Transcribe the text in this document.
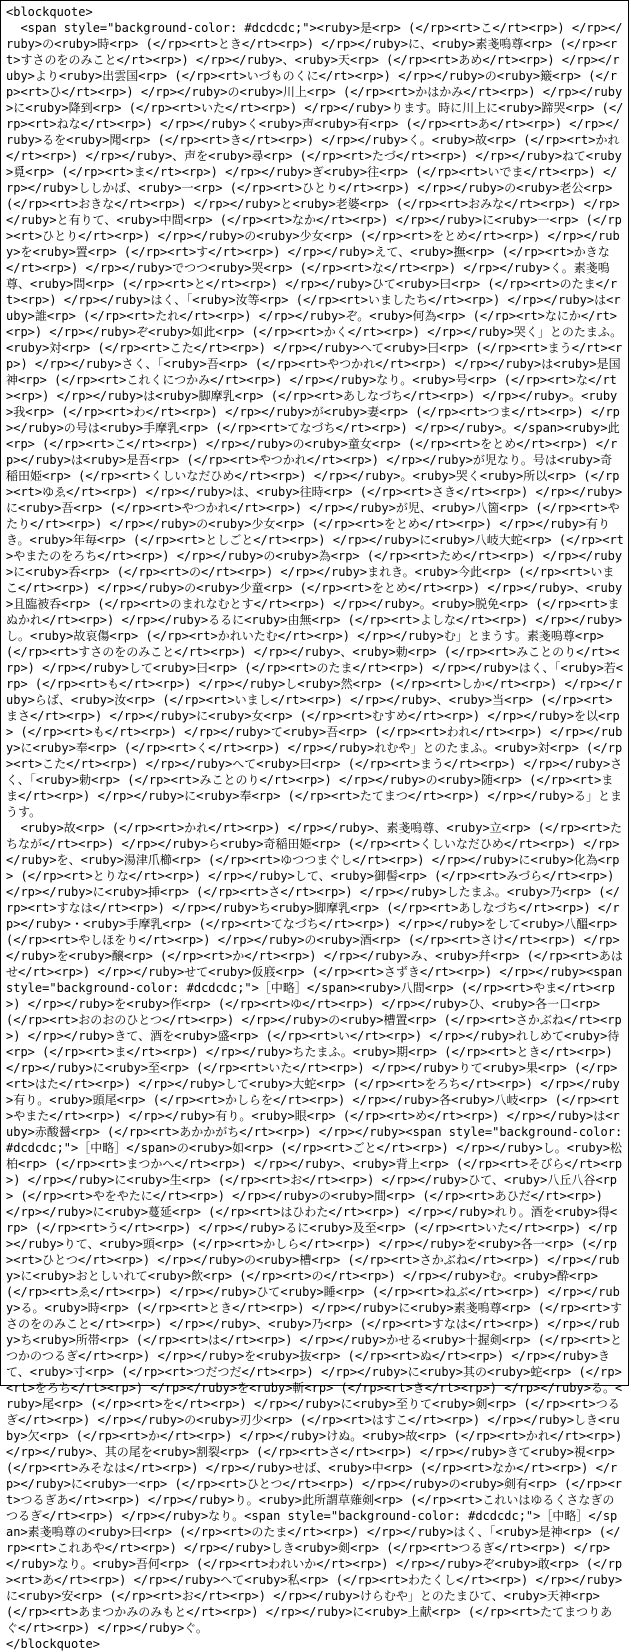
<blockquote>
<span style="background-color: #dcdcdc;"><ruby>是<rp> (</rp><rt>こ</rt><rp>) </rp></ruby>の<ruby>時<rp> (</rp><rt>とき</rt><rp>) </rp></ruby>に、<ruby>素戔嗚尊<rp> (</rp><rt>すさのをのみこと</rt><rp>) </rp></ruby>、<ruby>天<rp> (</rp><rt>あめ</rt><rp>) </rp></ruby>より<ruby>出雲国<rp> (</rp><rt>いづものくに</rt><rp>) </rp></ruby>の<ruby>簸<rp> (</rp><rt>ひ</rt><rp>) </rp></ruby>の<ruby>川上<rp> (</rp><rt>かはかみ</rt><rp>) </rp></ruby>に<ruby>降到<rp> (</rp><rt>いた</rt><rp>) </rp></ruby>ります。時に川上に<ruby>蹄哭<rp> (</rp><rt>ねな</rt><rp>) </rp></ruby>く<ruby>声<ruby>有<rp> (</rp><rt>あ</rt><rp>) </rp></ruby>るを<ruby>聞<rp> (</rp><rt>き</rt><rp>) </rp></ruby>く。<ruby>故<rp> (</rp><rt>かれ</rt><rp>) </rp></ruby>、声を<ruby>尋<rp> (</rp><rt>たづ</rt><rp>) </rp></ruby>ねて<ruby>覓<rp> (</rp><rt>ま</rt><rp>) </rp></ruby>ぎ<ruby>往<rp> (</rp><rt>いでま</rt><rp>) </rp></ruby>ししかば、<ruby>一<rp> (</rp><rt>ひとり</rt><rp>) </rp></ruby>の<ruby>老公<rp> (</rp><rt>おきな</rt><rp>) </rp></ruby>と<ruby>老婆<rp> (</rp><rt>おみな</rt><rp>) </rp></ruby>と有りて、<ruby>中間<rp> (</rp><rt>なか</rt><rp>) </rp></ruby>に<ruby>一<rp> (</rp><rt>ひとり</rt><rp>) </rp></ruby>の<ruby>少女<rp> (</rp><rt>をとめ</rt><rp>) </rp></ruby>を<ruby>置<rp> (</rp><rt>す</rt><rp>) </rp></ruby>えて、<ruby>撫<rp> (</rp><rt>かきな</rt><rp>) </rp></ruby>でつつ<ruby>哭<rp> (</rp><rt>な</rt><rp>) </rp></ruby>く。素戔嗚尊、<ruby>問<rp> (</rp><rt>と</rt><rp>) </rp></ruby>ひて<ruby>曰<rp> (</rp><rt>のたま</rt><rp>) </rp></ruby>はく、「<ruby>汝等<rp> (</rp><rt>いましたち</rt><rp>) </rp></ruby>は<ruby>誰<rp> (</rp><rt>たれ</rt><rp>) </rp></ruby>ぞ。<ruby>何為<rp> (</rp><rt>なにか</rt><rp>) </rp></ruby>ぞ<ruby>如此<rp> (</rp><rt>かく</rt><rp>) </rp></ruby>哭く」とのたまふ。<ruby>対<rp> (</rp><rt>こた</rt><rp>) </rp></ruby>へて<ruby>曰<rp> (</rp><rt>まう</rt><rp>) </rp></ruby>さく、「<ruby>吾<rp> (</rp><rt>やつかれ</rt><rp>) </rp></ruby>は<ruby>是国神<rp> (</rp><rt>これくにつかみ</rt><rp>) </rp></ruby>なり。<ruby>号<rp> (</rp><rt>な</rt><rp>) </rp></ruby>は<ruby>脚摩乳<rp> (</rp><rt>あしなづち</rt><rp>) </rp></ruby>。<ruby>我<rp> (</rp><rt>わ</rt><rp>) </rp></ruby>が<ruby>妻<rp> (</rp><rt>つま</rt><rp>) </rp></ruby>の号は<ruby>手摩乳<rp> (</rp><rt>てなづち</rt><rp>) </rp></ruby>。</span><ruby>此<rp> (</rp><rt>こ</rt><rp>) </rp></ruby>の<ruby>童女<rp> (</rp><rt>をとめ</rt><rp>) </rp></ruby>は<ruby>是吾<rp> (</rp><rt>やつかれ</rt><rp>) </rp></ruby>が児なり。号は<ruby>奇稲田姫<rp> (</rp><rt>くしいなだひめ</rt><rp>) </rp></ruby>。<ruby>哭く<ruby>所以<rp> (</rp><rt>ゆゑ</rt><rp>) </rp></ruby>は、<ruby>往時<rp> (</rp><rt>さき</rt><rp>) </rp></ruby>に<ruby>吾<rp> (</rp><rt>やつかれ</rt><rp>) </rp></ruby>が児、<ruby>八箇<rp> (</rp><rt>やたり</rt><rp>) </rp></ruby>の<ruby>少女<rp> (</rp><rt>をとめ</rt><rp>) </rp></ruby>有りき。<ruby>年毎<rp> (</rp><rt>としごと</rt><rp>) </rp></ruby>に<ruby>八岐大蛇<rp> (</rp><rt>やまたのをろち</rt><rp>) </rp></ruby>の<ruby>為<rp> (</rp><rt>ため</rt><rp>) </rp></ruby>に<ruby>呑<rp> (</rp><rt>の</rt><rp>) </rp></ruby>まれき。<ruby>今此<rp> (</rp><rt>いまこ</rt><rp>) </rp></ruby>の<ruby>少童<rp> (</rp><rt>をとめ</rt><rp>) </rp></ruby>、<ruby>且臨被呑<rp> (</rp><rt>のまれなむとす</rt><rp>) </rp></ruby>。<ruby>脱免<rp> (</rp><rt>まぬかれ</rt><rp>) </rp></ruby>るるに<ruby>由無<rp> (</rp><rt>よしな</rt><rp>) </rp></ruby>し。<ruby>故哀傷<rp> (</rp><rt>かれいたむ</rt><rp>) </rp></ruby>む」とまうす。素戔嗚尊<rp> (</rp><rt>すさのをのみこと</rt><rp>) </rp></ruby>、<ruby>勅<rp> (</rp><rt>みことのり</rt><rp>) </rp></ruby>して<ruby>曰<rp> (</rp><rt>のたま</rt><rp>) </rp></ruby>はく、「<ruby>若<rp> (</rp><rt>も</rt><rp>) </rp></ruby>し<ruby>然<rp> (</rp><rt>しか</rt><rp>) </rp></ruby>らば、<ruby>汝<rp> (</rp><rt>いまし</rt><rp>) </rp></ruby>、<ruby>当<rp> (</rp><rt>まさ</rt><rp>) </rp></ruby>に<ruby>女<rp> (</rp><rt>むすめ</rt><rp>) </rp></ruby>を以<rp> (</rp><rt>も</rt><rp>) </rp></ruby>て<ruby>吾<rp> (</rp><rt>われ</rt><rp>) </rp></ruby>に<ruby>奉<rp> (</rp><rt>く</rt><rp>) </rp></ruby>れむや」とのたまふ。<ruby>対<rp> (</rp><rt>こた</rt><rp>) </rp></ruby>へて<ruby>曰<rp> (</rp><rt>まう</rt><rp>) </rp></ruby>さく、「<ruby>勅<rp> (</rp><rt>みことのり</rt><rp>) </rp></ruby>の<ruby>随<rp> (</rp><rt>まま</rt><rp>) </rp></ruby>に<ruby>奉<rp> (</rp><rt>たてまつ</rt><rp>) </rp></ruby>る」とまうす。
<ruby>故<rp> (</rp><rt>かれ</rt><rp>) </rp></ruby>、素戔嗚尊、<ruby>立<rp> (</rp><rt>たちなが</rt><rp>) </rp></ruby>ら<ruby>奇稲田姫<rp> (</rp><rt>くしいなだひめ</rt><rp>) </rp></ruby>を、<ruby>湯津爪櫛<rp> (</rp><rt>ゆつつまぐし</rt><rp>) </rp></ruby>に<ruby>化為<rp> (</rp><rt>とりな</rt><rp>) </rp></ruby>して、<ruby>御髻<rp> (</rp><rt>みづら</rt><rp>) </rp></ruby>に<ruby>挿<rp> (</rp><rt>さ</rt><rp>) </rp></ruby>したまふ。<ruby>乃<rp> (</rp><rt>すなは</rt><rp>) </rp></ruby>ち<ruby>脚摩乳<rp> (</rp><rt>あしなづち</rt><rp>) </rp></ruby>・<ruby>手摩乳<rp> (</rp><rt>てなづち</rt><rp>) </rp></ruby>をして<ruby>八醞<rp> (</rp><rt>やしほをり</rt><rp>) </rp></ruby>の<ruby>酒<rp> (</rp><rt>さけ</rt><rp>) </rp></ruby>を<ruby>醸<rp> (</rp><rt>か</rt><rp>) </rp></ruby>み、<ruby>幷<rp> (</rp><rt>あはせ</rt><rp>) </rp></ruby>せて<ruby>仮庪<rp> (</rp><rt>さずき</rt><rp>) </rp></ruby><span style="background-color: #dcdcdc;">［中略］</span><ruby>八間<rp> (</rp><rt>やま</rt><rp>) </rp></ruby>を<ruby>作<rp> (</rp><rt>ゆ</rt><rp>) </rp></ruby>ひ、<ruby>各一口<rp> (</rp><rt>おのおのひとつ</rt><rp>) </rp></ruby>の<ruby>槽置<rp> (</rp><rt>さかぶね</rt><rp>) </rp></ruby>きて、酒を<ruby>盛<rp> (</rp><rt>い</rt><rp>) </rp></ruby>れしめて<ruby>待<rp> (</rp><rt>ま</rt><rp>) </rp></ruby>ちたまふ。<ruby>期<rp> (</rp><rt>とき</rt><rp>) </rp></ruby>に<ruby>至<rp> (</rp><rt>いた</rt><rp>) </rp></ruby>りて<ruby>果<rp> (</rp><rt>はた</rt><rp>) </rp></ruby>して<ruby>大蛇<rp> (</rp><rt>をろち</rt><rp>) </rp></ruby>有り。<ruby>頭尾<rp> (</rp><rt>かしらを</rt><rp>) </rp></ruby>各<ruby>八岐<rp> (</rp><rt>やまた</rt><rp>) </rp></ruby>有り。<ruby>眼<rp> (</rp><rt>め</rt><rp>) </rp></ruby>は<ruby>赤酸醤<rp> (</rp><rt>あかかがち</rt><rp>) </rp></ruby><span style="background-color: #dcdcdc;">［中略］</span>の<ruby>如<rp> (</rp><rt>ごと</rt><rp>) </rp></ruby>し。<ruby>松柏<rp> (</rp><rt>まつかへ</rt><rp>) </rp></ruby>、<ruby>背上<rp> (</rp><rt>そびら</rt><rp>) </rp></ruby>に<ruby>生<rp> (</rp><rt>お</rt><rp>) </rp></ruby>ひて、<ruby>八丘八谷<rp> (</rp><rt>やをやたに</rt><rp>) </rp></ruby>の<ruby>間<rp> (</rp><rt>あひだ</rt><rp>) </rp></ruby>に<ruby>蔓延<rp> (</rp><rt>はひわた</rt><rp>) </rp></ruby>れり。酒を<ruby>得<rp> (</rp><rt>う</rt><rp>) </rp></ruby>るに<ruby>及至<rp> (</rp><rt>いた</rt><rp>) </rp></ruby>りて、<ruby>頭<rp> (</rp><rt>かしら</rt><rp>) </rp></ruby>を<ruby>各一<rp> (</rp><rt>ひとつ</rt><rp>) </rp></ruby>の<ruby>槽<rp> (</rp><rt>さかぶね</rt><rp>) </rp></ruby>に<ruby>おとしいれて<ruby>飲<rp> (</rp><rt>の</rt><rp>) </rp></ruby>む。<ruby>酔<rp> (</rp><rt>ゑ</rt><rp>) </rp></ruby>ひて<ruby>睡<rp> (</rp><rt>ねぶ</rt><rp>) </rp></ruby>る。<ruby>時<rp> (</rp><rt>とき</rt><rp>) </rp></ruby>に<ruby>素戔嗚尊<rp> (</rp><rt>すさのをのみこと</rt><rp>) </rp></ruby>、<ruby>乃<rp> (</rp><rt>すなは</rt><rp>) </rp></ruby>ち<ruby>所帯<rp> (</rp><rt>は</rt><rp>) </rp></ruby>かせる<ruby>十握剣<rp> (</rp><rt>とつかのつるぎ</rt><rp>) </rp></ruby>を<ruby>抜<rp> (</rp><rt>ぬ</rt><rp>) </rp></ruby>きて、<ruby>寸<rp> (</rp><rt>つだつだ</rt><rp>) </rp></ruby>に<ruby>其の<ruby>蛇<rp> (</rp><rt>をろち</rt><rp>) </rp></ruby>を<ruby>斬<rp> (</rp><rt>き</rt><rp>) </rp></ruby>る。<ruby>尾<rp> (</rp><rt>を</rt><rp>) </rp></ruby>に<ruby>至りて<ruby>剣<rp> (</rp><rt>つるぎ</rt><rp>) </rp></ruby>の<ruby>刃少<rp> (</rp><rt>はすこ</rt><rp>) </rp></ruby>しき<ruby>欠<rp> (</rp><rt>か</rt><rp>) </rp></ruby>けぬ。<ruby>故<rp> (</rp><rt>かれ</rt><rp>) </rp></ruby>、其の尾を<ruby>割裂<rp> (</rp><rt>さ</rt><rp>) </rp></ruby>きて<ruby>視<rp> (</rp><rt>みそなは</rt><rp>) </rp></ruby>せば、<ruby>中<rp> (</rp><rt>なか</rt><rp>) </rp></ruby>に<ruby>一<rp> (</rp><rt>ひとつ</rt><rp>) </rp></ruby>の<ruby>剣有<rp> (</rp><rt>つるぎあ</rt><rp>) </rp></ruby>り。<ruby>此所謂草薙剣<rp> (</rp><rt>これいはゆるくさなぎのつるぎ</rt><rp>) </rp></ruby>なり。<span style="background-color: #dcdcdc;">［中略］</span>素戔嗚尊の<ruby>曰<rp> (</rp><rt>のたま</rt><rp>) </rp></ruby>はく、「<ruby>是神<rp> (</rp><rt>これあや</rt><rp>) </rp></ruby>しき<ruby>剣<rp> (</rp><rt>つるぎ</rt><rp>) </rp></ruby>なり。<ruby>吾何<rp> (</rp><rt>われいか</rt><rp>) </rp></ruby>ぞ<ruby>敢<rp> (</rp><rt>あ</rt><rp>) </rp></ruby>へて<ruby>私<rp> (</rp><rt>わたくし</rt><rp>) </rp></ruby>に<ruby>安<rp> (</rp><rt>お</rt><rp>) </rp></ruby>けらむや」とのたまひて、<ruby>天神<rp> (</rp><rt>あまつかみのみもと</rt><rp>) </rp></ruby>に<ruby>上献<rp> (</rp><rt>たてまつりあぐ</rt><rp>) </rp></ruby>ぐ。
</blockquote>
